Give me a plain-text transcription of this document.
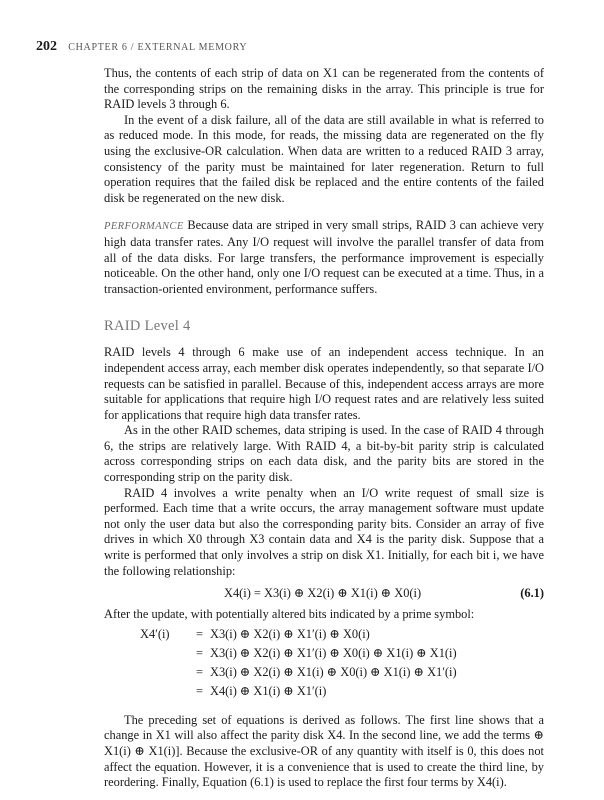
202 CHAPTER 6 / EXTERNAL MEMORY

Thus, the contents of each strip of data on X1 can be regenerated from the contents of the corresponding strips on the remaining disks in the array. This principle is true for RAID levels 3 through 6.

In the event of a disk failure, all of the data are still available in what is referred to as reduced mode. In this mode, for reads, the missing data are regenerated on the fly using the exclusive-OR calculation. When data are written to a reduced RAID 3 array, consistency of the parity must be maintained for later regeneration. Return to full operation requires that the failed disk be replaced and the entire contents of the failed disk be regenerated on the new disk.

PERFORMANCE Because data are striped in very small strips, RAID 3 can achieve very high data transfer rates. Any I/O request will involve the parallel transfer of data from all of the data disks. For large transfers, the performance improvement is especially noticeable. On the other hand, only one I/O request can be executed at a time. Thus, in a transaction-oriented environment, performance suffers.

RAID Level 4

RAID levels 4 through 6 make use of an independent access technique. In an independent access array, each member disk operates independently, so that separate I/O requests can be satisfied in parallel. Because of this, independent access arrays are more suitable for applications that require high I/O request rates and are relatively less suited for applications that require high data transfer rates.

As in the other RAID schemes, data striping is used. In the case of RAID 4 through 6, the strips are relatively large. With RAID 4, a bit-by-bit parity strip is calculated across corresponding strips on each data disk, and the parity bits are stored in the corresponding strip on the parity disk.

RAID 4 involves a write penalty when an I/O write request of small size is performed. Each time that a write occurs, the array management software must update not only the user data but also the corresponding parity bits. Consider an array of five drives in which X0 through X3 contain data and X4 is the parity disk. Suppose that a write is performed that only involves a strip on disk X1. Initially, for each bit i, we have the following relationship:

X4(i) = X3(i) ⊕ X2(i) ⊕ X1(i) ⊕ X0(i)	(6.1)

After the update, with potentially altered bits indicated by a prime symbol:

X4′(i)	= X3(i) ⊕ X2(i) ⊕ X1′(i) ⊕ X0(i)
= X3(i) ⊕ X2(i) ⊕ X1′(i) ⊕ X0(i) ⊕ X1(i) ⊕ X1(i)
= X3(i) ⊕ X2(i) ⊕ X1(i) ⊕ X0(i) ⊕ X1(i) ⊕ X1′(i)
= X4(i) ⊕ X1(i) ⊕ X1′(i)

The preceding set of equations is derived as follows. The first line shows that a change in X1 will also affect the parity disk X4. In the second line, we add the terms ⊕ X1(i) ⊕ X1(i)]. Because the exclusive-OR of any quantity with itself is 0, this does not affect the equation. However, it is a convenience that is used to create the third line, by reordering. Finally, Equation (6.1) is used to replace the first four terms by X4(i).
